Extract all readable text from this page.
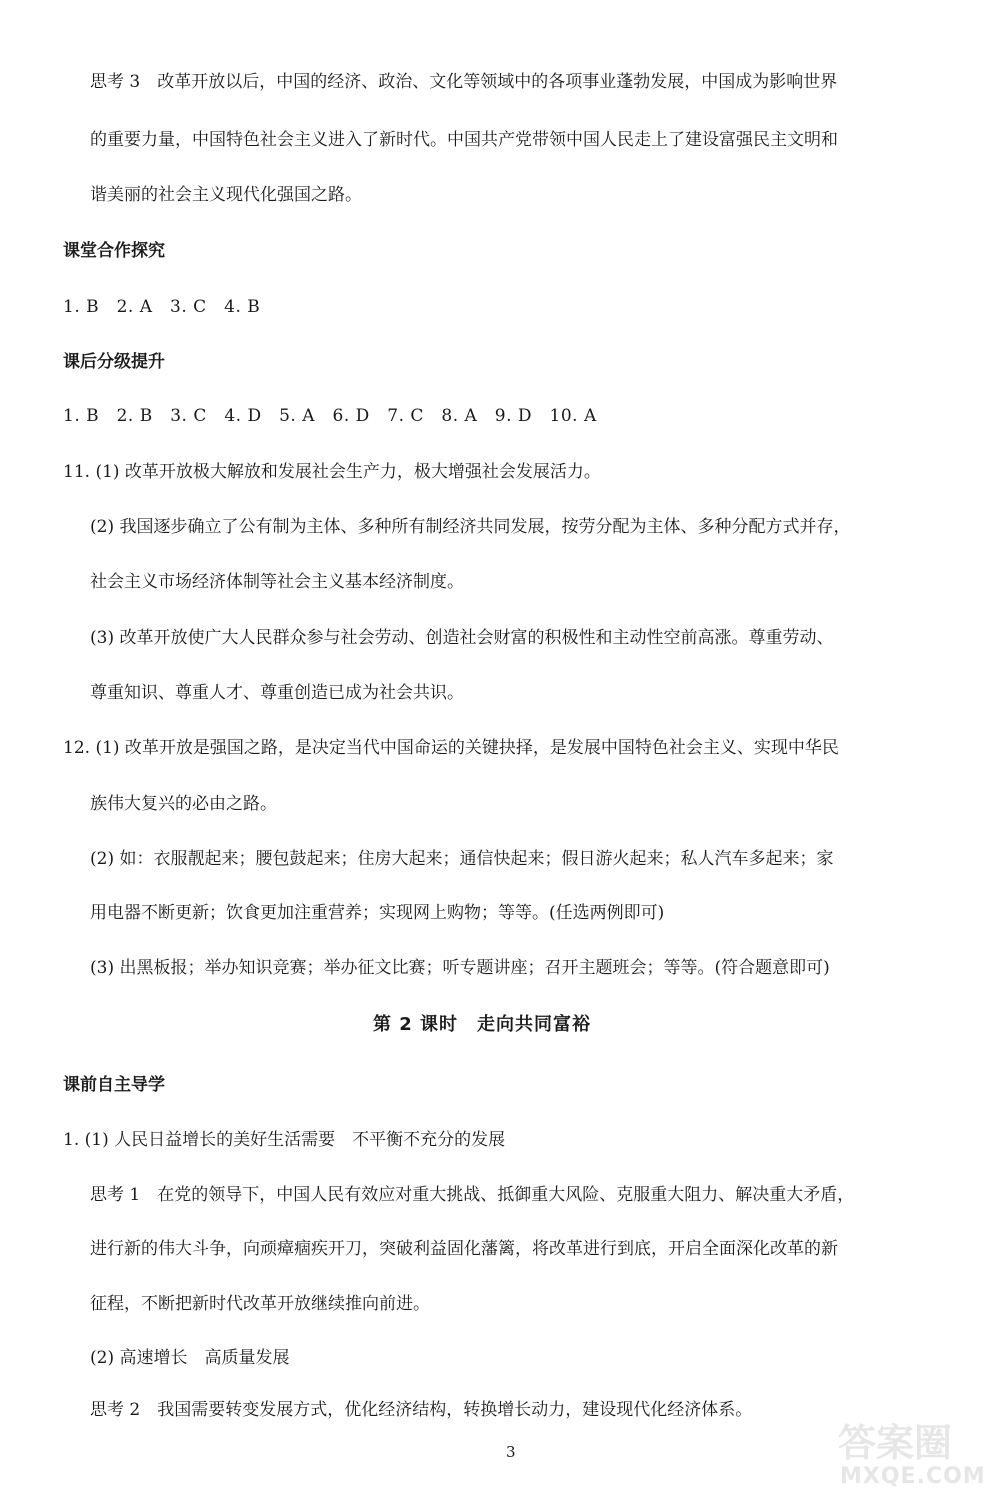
思考 3　改革开放以后，中国的经济、政治、文化等领域中的各项事业蓬勃发展，中国成为影响世界
的重要力量，中国特色社会主义进入了新时代。中国共产党带领中国人民走上了建设富强民主文明和
谐美丽的社会主义现代化强国之路。
课堂合作探究
1. B　2. A　3. C　4. B
课后分级提升
1. B　2. B　3. C　4. D　5. A　6. D　7. C　8. A　9. D　10. A
11. (1) 改革开放极大解放和发展社会生产力，极大增强社会发展活力。
(2) 我国逐步确立了公有制为主体、多种所有制经济共同发展，按劳分配为主体、多种分配方式并存，
社会主义市场经济体制等社会主义基本经济制度。
(3) 改革开放使广大人民群众参与社会劳动、创造社会财富的积极性和主动性空前高涨。尊重劳动、
尊重知识、尊重人才、尊重创造已成为社会共识。
12. (1) 改革开放是强国之路，是决定当代中国命运的关键抉择，是发展中国特色社会主义、实现中华民
族伟大复兴的必由之路。
(2) 如：衣服靓起来；腰包鼓起来；住房大起来；通信快起来；假日游火起来；私人汽车多起来；家
用电器不断更新；饮食更加注重营养；实现网上购物；等等。(任选两例即可)
(3) 出黑板报；举办知识竞赛；举办征文比赛；听专题讲座；召开主题班会；等等。(符合题意即可)
第 2 课时　走向共同富裕
课前自主导学
1. (1) 人民日益增长的美好生活需要　不平衡不充分的发展
思考 1　在党的领导下，中国人民有效应对重大挑战、抵御重大风险、克服重大阻力、解决重大矛盾，
进行新的伟大斗争，向顽瘴痼疾开刀，突破利益固化藩篱，将改革进行到底，开启全面深化改革的新
征程，不断把新时代改革开放继续推向前进。
(2) 高速增长　高质量发展
思考 2　我国需要转变发展方式，优化经济结构，转换增长动力，建设现代化经济体系。
3	答案圈
MXQE.COM
